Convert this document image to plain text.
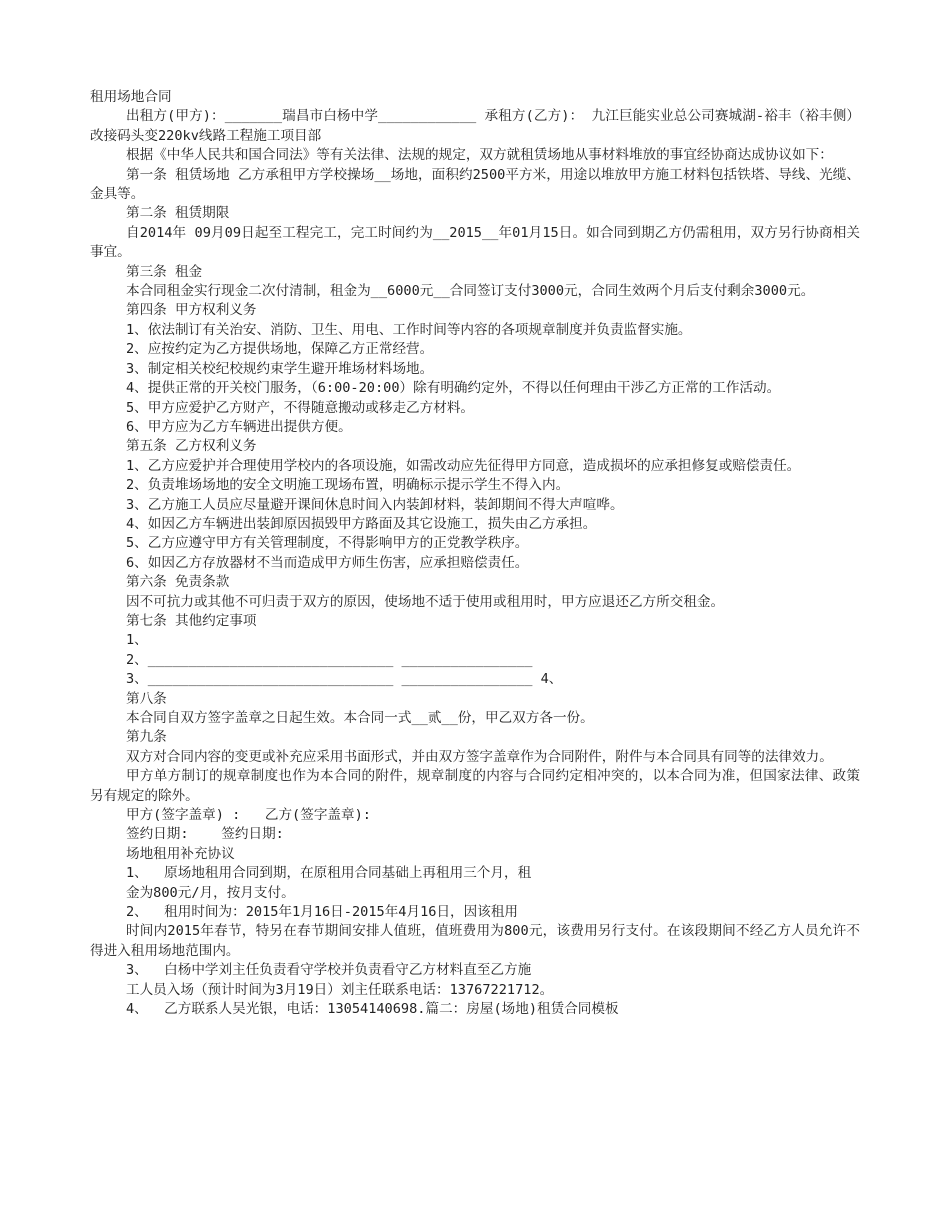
租用场地合同

出租方(甲方)：_______瑞昌市白杨中学____________ 承租方(乙方)： 九江巨能实业总公司赛城湖-裕丰（裕丰侧）改接码头变220kv线路工程施工项目部

根据《中华人民共和国合同法》等有关法律、法规的规定，双方就租赁场地从事材料堆放的事宜经协商达成协议如下：

第一条 租赁场地 乙方承租甲方学校操场__场地，面积约2500平方米，用途以堆放甲方施工材料包括铁塔、导线、光缆、金具等。

第二条 租赁期限

自2014年 09月09日起至工程完工，完工时间约为__2015__年01月15日。如合同到期乙方仍需租用，双方另行协商相关事宜。

第三条 租金

本合同租金实行现金二次付清制，租金为__6000元__合同签订支付3000元，合同生效两个月后支付剩余3000元。

第四条 甲方权利义务

1、依法制订有关治安、消防、卫生、用电、工作时间等内容的各项规章制度并负责监督实施。

2、应按约定为乙方提供场地，保障乙方正常经营。

3、制定相关校纪校规约束学生避开堆场材料场地。

4、提供正常的开关校门服务，（6:00-20:00）除有明确约定外，不得以任何理由干涉乙方正常的工作活动。

5、甲方应爱护乙方财产，不得随意搬动或移走乙方材料。

6、甲方应为乙方车辆进出提供方便。

第五条 乙方权利义务

1、乙方应爱护并合理使用学校内的各项设施，如需改动应先征得甲方同意，造成损坏的应承担修复或赔偿责任。

2、负责堆场场地的安全文明施工现场布置，明确标示提示学生不得入内。

3、乙方施工人员应尽量避开课间休息时间入内装卸材料，装卸期间不得大声喧哗。

4、如因乙方车辆进出装卸原因损毁甲方路面及其它设施工，损失由乙方承担。

5、乙方应遵守甲方有关管理制度，不得影响甲方的正党教学秩序。

6、如因乙方存放器材不当而造成甲方师生伤害，应承担赔偿责任。

第六条 免责条款

因不可抗力或其他不可归责于双方的原因，使场地不适于使用或租用时，甲方应退还乙方所交租金。

第七条 其他约定事项

1、

2、______________________________ ________________

3、______________________________ ________________ 4、

第八条

本合同自双方签字盖章之日起生效。本合同一式__贰__份，甲乙双方各一份。

第九条

双方对合同内容的变更或补充应采用书面形式，并由双方签字盖章作为合同附件，附件与本合同具有同等的法律效力。

甲方单方制订的规章制度也作为本合同的附件，规章制度的内容与合同约定相冲突的，以本合同为准，但国家法律、政策另有规定的除外。

甲方(签字盖章) :   乙方(签字盖章):

签约日期:    签约日期:

场地租用补充协议

1、  原场地租用合同到期，在原租用合同基础上再租用三个月，租

金为800元/月，按月支付。

2、  租用时间为：2015年1月16日-2015年4月16日，因该租用

时间内2015年春节，特另在春节期间安排人值班，值班费用为800元，该费用另行支付。在该段期间不经乙方人员允许不得进入租用场地范围内。

3、  白杨中学刘主任负责看守学校并负责看守乙方材料直至乙方施

工人员入场（预计时间为3月19日）刘主任联系电话：13767221712。

4、  乙方联系人吴光银，电话：13054140698.篇二：房屋(场地)租赁合同模板
